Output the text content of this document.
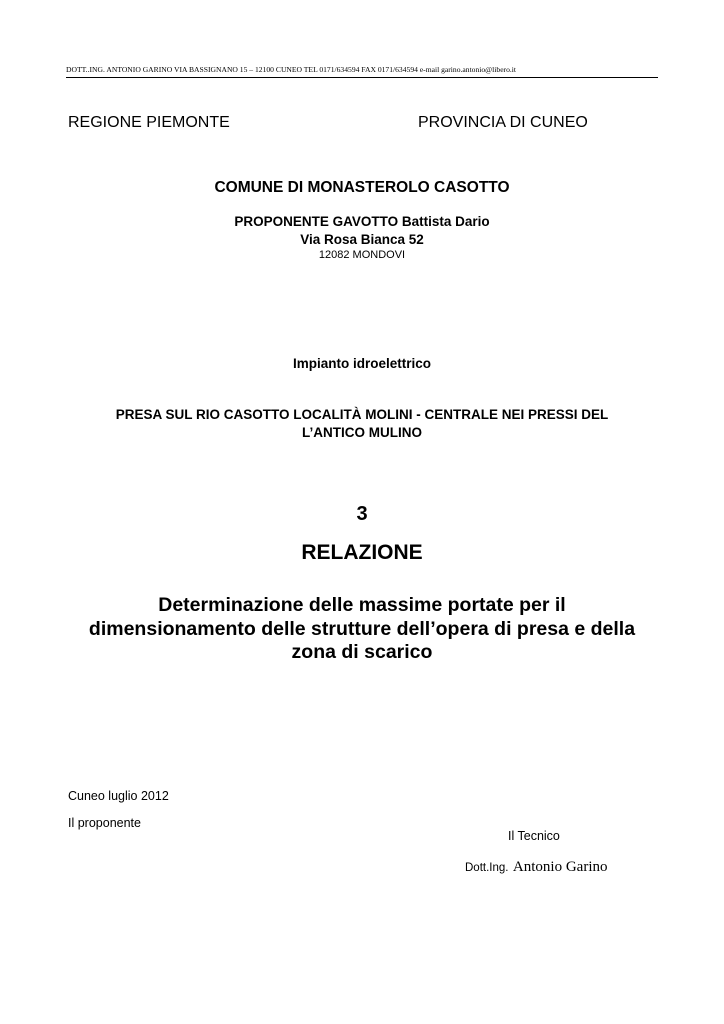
DOTT..ING. ANTONIO GARINO VIA BASSIGNANO 15 – 12100 CUNEO TEL 0171/634594 FAX 0171/634594 e-mail garino.antonio@libero.it
REGIONE PIEMONTE	PROVINCIA DI CUNEO
COMUNE DI MONASTEROLO CASOTTO
PROPONENTE GAVOTTO Battista Dario
Via Rosa Bianca 52
12082 MONDOVI
Impianto idroelettrico
PRESA SUL RIO CASOTTO LOCALITÀ MOLINI - CENTRALE NEI PRESSI DEL
L’ANTICO MULINO
3
RELAZIONE
Determinazione delle massime portate per il
dimensionamento delle strutture dell’opera di presa e della
zona di scarico
Cuneo luglio 2012
Il proponente
Il Tecnico
Dott.Ing. Antonio Garino
